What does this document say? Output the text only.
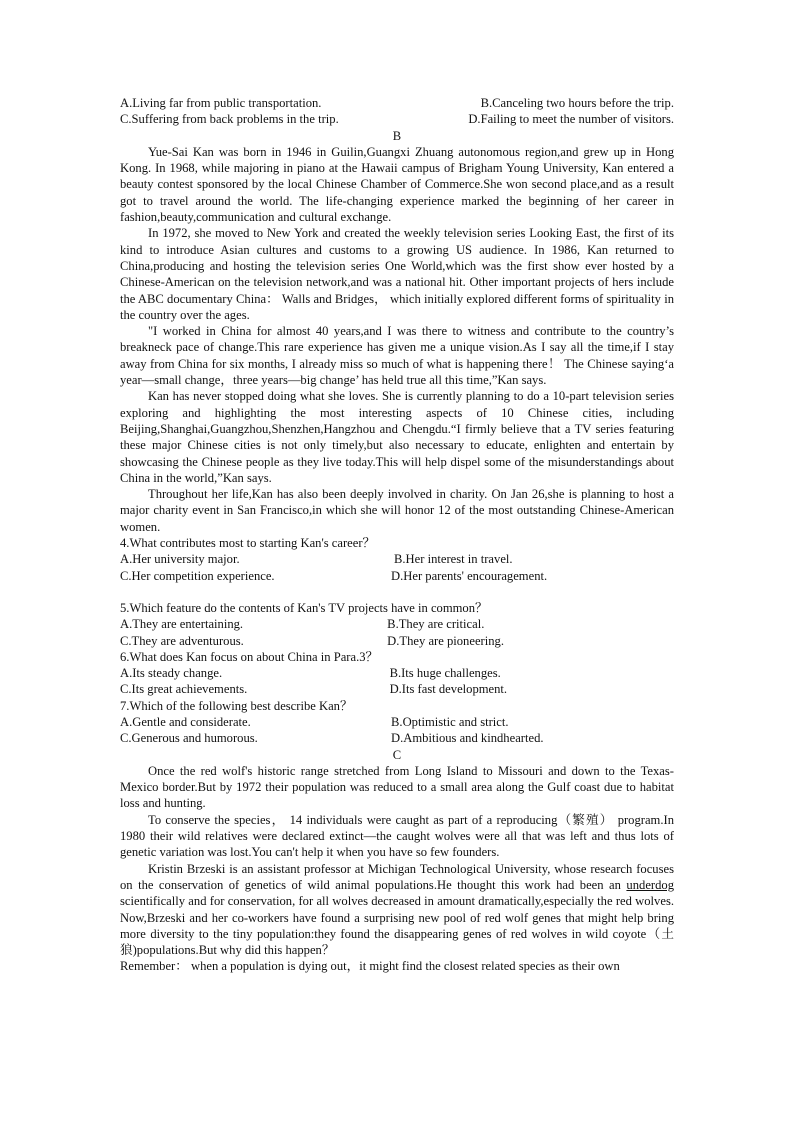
A.Living far from public transportation.	B.Canceling two hours before the trip.
C.Suffering from back problems in the trip.	D.Failing to meet the number of visitors.
B

Yue-Sai Kan was born in 1946 in Guilin,Guangxi Zhuang autonomous region,and grew up in Hong Kong. In 1968, while majoring in piano at the Hawaii campus of Brigham Young University, Kan entered a beauty contest sponsored by the local Chinese Chamber of Commerce.She won second place,and as a result got to travel around the world. The life-changing experience marked the beginning of her career in fashion,beauty,communication and cultural exchange.

In 1972, she moved to New York and created the weekly television series Looking East, the first of its kind to introduce Asian cultures and customs to a growing US audience. In 1986, Kan returned to China,producing and hosting the television series One World,which was the first show ever hosted by a Chinese-American on the television network,and was a national hit. Other important projects of hers include the ABC documentary China： Walls and Bridges， which initially explored different forms of spirituality in the country over the ages.

"I worked in China for almost 40 years,and I was there to witness and contribute to the country’s breakneck pace of change.This rare experience has given me a unique vision.As I say all the time,if I stay away from China for six months, I already miss so much of what is happening there！ The Chinese saying‘a year—small change，three years—big change’ has held true all this time,”Kan says.

Kan has never stopped doing what she loves. She is currently planning to do a 10-part television series exploring and highlighting the most interesting aspects of 10 Chinese cities, including Beijing,Shanghai,Guangzhou,Shenzhen,Hangzhou and Chengdu.“I firmly believe that a TV series featuring these major Chinese cities is not only timely,but also necessary to educate, enlighten and entertain by showcasing the Chinese people as they live today.This will help dispel some of the misunderstandings about China in the world,”Kan says.

Throughout her life,Kan has also been deeply involved in charity. On Jan 26,she is planning to host a major charity event in San Francisco,in which she will honor 12 of the most outstanding Chinese-American women.

4.What contributes most to starting Kan's career？
A.Her university major.	B.Her interest in travel.
C.Her competition experience.	D.Her parents' encouragement.
5.Which feature do the contents of Kan's TV projects have in common？
A.They are entertaining.	B.They are critical.
C.They are adventurous.	D.They are pioneering.
6.What does Kan focus on about China in Para.3？
A.Its steady change.	B.Its huge challenges.
C.Its great achievements.	D.Its fast development.
7.Which of the following best describe Kan？
A.Gentle and considerate.	B.Optimistic and strict.
C.Generous and humorous.	D.Ambitious and kindhearted.
C

Once the red wolf's historic range stretched from Long Island to Missouri and down to the Texas-Mexico border.But by 1972 their population was reduced to a small area along the Gulf coast due to habitat loss and hunting.

To conserve the species， 14 individuals were caught as part of a reproducing（繁殖） program.In 1980 their wild relatives were declared extinct—the caught wolves were all that was left and thus lots of genetic variation was lost.You can't help it when you have so few founders.

Kristin Brzeski is an assistant professor at Michigan Technological University, whose research focuses on the conservation of genetics of wild animal populations.He thought this work had been an underdog scientifically and for conservation, for all wolves decreased in amount dramatically,especially the red wolves. Now,Brzeski and her co-workers have found a surprising new pool of red wolf genes that might help bring more diversity to the tiny population:they found the disappearing genes of red wolves in wild coyote（土狼)populations.But why did this happen？

Remember： when a population is dying out，it might find the closest related species as their own
